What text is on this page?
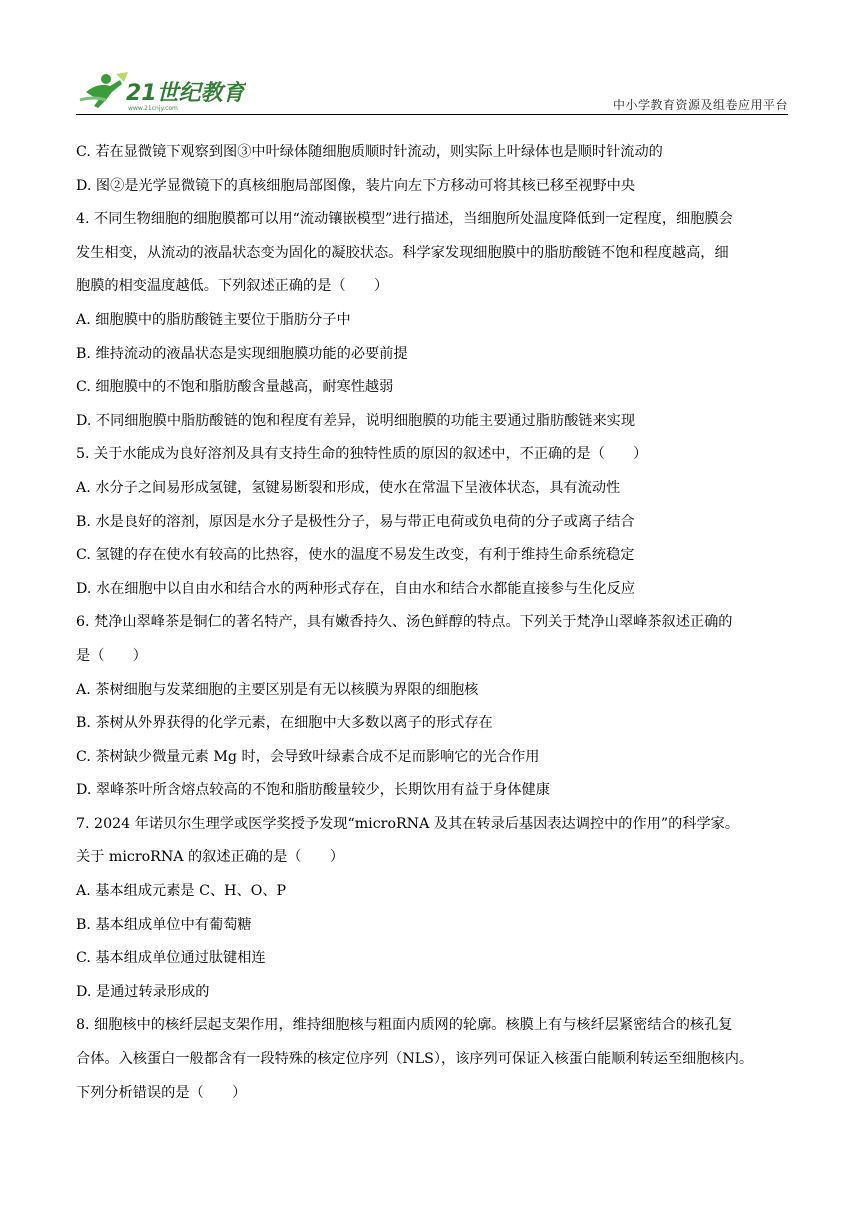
21世纪教育
www.21cnjy.com	中小学教育资源及组卷应用平台
C. 若在显微镜下观察到图③中叶绿体随细胞质顺时针流动，则实际上叶绿体也是顺时针流动的
D. 图②是光学显微镜下的真核细胞局部图像，装片向左下方移动可将其核已移至视野中央
4. 不同生物细胞的细胞膜都可以用“流动镶嵌模型”进行描述，当细胞所处温度降低到一定程度，细胞膜会
发生相变，从流动的液晶状态变为固化的凝胶状态。科学家发现细胞膜中的脂肪酸链不饱和程度越高，细
胞膜的相变温度越低。下列叙述正确的是（　　）
A. 细胞膜中的脂肪酸链主要位于脂肪分子中
B. 维持流动的液晶状态是实现细胞膜功能的必要前提
C. 细胞膜中的不饱和脂肪酸含量越高，耐寒性越弱
D. 不同细胞膜中脂肪酸链的饱和程度有差异，说明细胞膜的功能主要通过脂肪酸链来实现
5. 关于水能成为良好溶剂及具有支持生命的独特性质的原因的叙述中，不正确的是（　　）
A. 水分子之间易形成氢键，氢键易断裂和形成，使水在常温下呈液体状态，具有流动性
B. 水是良好的溶剂，原因是水分子是极性分子，易与带正电荷或负电荷的分子或离子结合
C. 氢键的存在使水有较高的比热容，使水的温度不易发生改变，有利于维持生命系统稳定
D. 水在细胞中以自由水和结合水的两种形式存在，自由水和结合水都能直接参与生化反应
6. 梵净山翠峰茶是铜仁的著名特产，具有嫩香持久、汤色鲜醇的特点。下列关于梵净山翠峰茶叙述正确的
是（　　）
A. 茶树细胞与发菜细胞的主要区别是有无以核膜为界限的细胞核
B. 茶树从外界获得的化学元素，在细胞中大多数以离子的形式存在
C. 茶树缺少微量元素 Mg 时，会导致叶绿素合成不足而影响它的光合作用
D. 翠峰茶叶所含熔点较高的不饱和脂肪酸量较少，长期饮用有益于身体健康
7. 2024 年诺贝尔生理学或医学奖授予发现“microRNA 及其在转录后基因表达调控中的作用”的科学家。
关于 microRNA 的叙述正确的是（　　）
A. 基本组成元素是 C、H、O、P
B. 基本组成单位中有葡萄糖
C. 基本组成单位通过肽键相连
D. 是通过转录形成的
8. 细胞核中的核纤层起支架作用，维持细胞核与粗面内质网的轮廓。核膜上有与核纤层紧密结合的核孔复
合体。入核蛋白一般都含有一段特殊的核定位序列（NLS），该序列可保证入核蛋白能顺利转运至细胞核内。
下列分析错误的是（　　）
